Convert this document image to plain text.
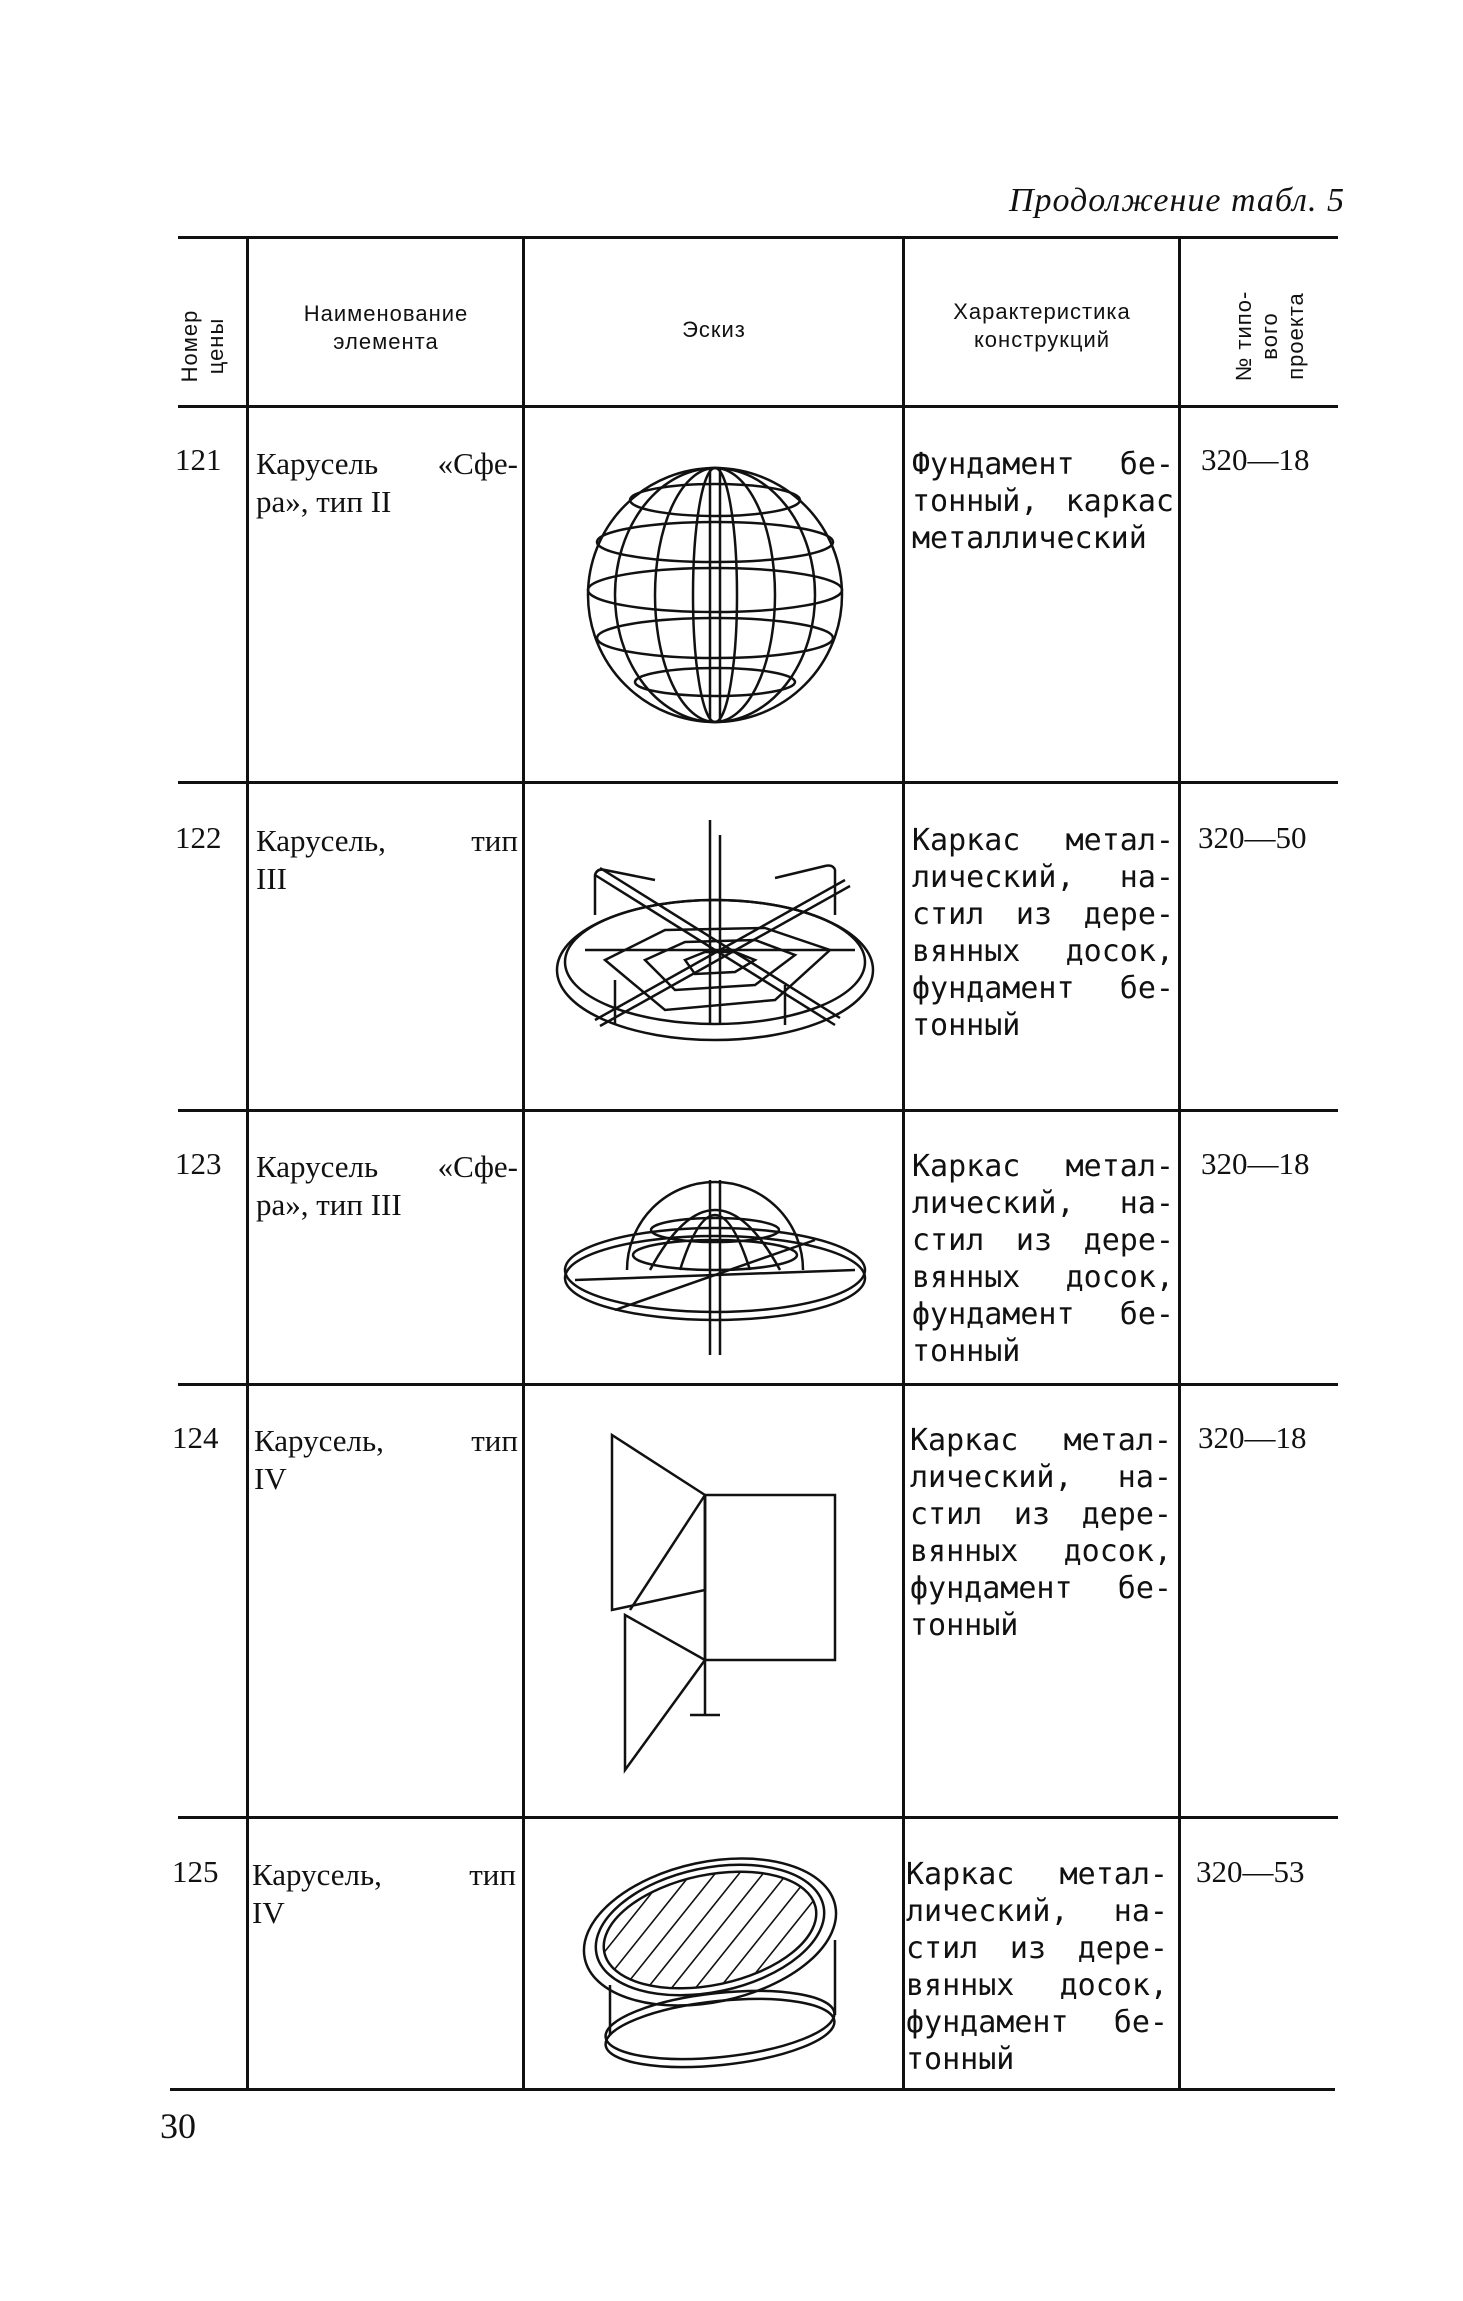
Продолжение табл. 5
Номер цены
Наименование
элемента	Эскиз
Характеристика
конструкций	№ типо- вого проекта
121 Карусель «Сфе-
ра», тип II
Фундамент бе-
тонный, каркас
металлический
320—18
122 Карусель, тип
III
Каркас метал-
лический, на-
стил из дере-
вянных досок,
фундамент бе-
тонный
320—50
123 Карусель «Сфе-
ра», тип III
Каркас метал-
лический, на-
стил из дере-
вянных досок,
фундамент бе-
тонный
320—18
124 Карусель, тип
IV
Каркас метал-
лический, на-
стил из дере-
вянных досок,
фундамент бе-
тонный
320—18
125 Карусель, тип
IV
Каркас метал-
лический, на-
стил из дере-
вянных досок,
фундамент бе-
тонный
320—53
30
